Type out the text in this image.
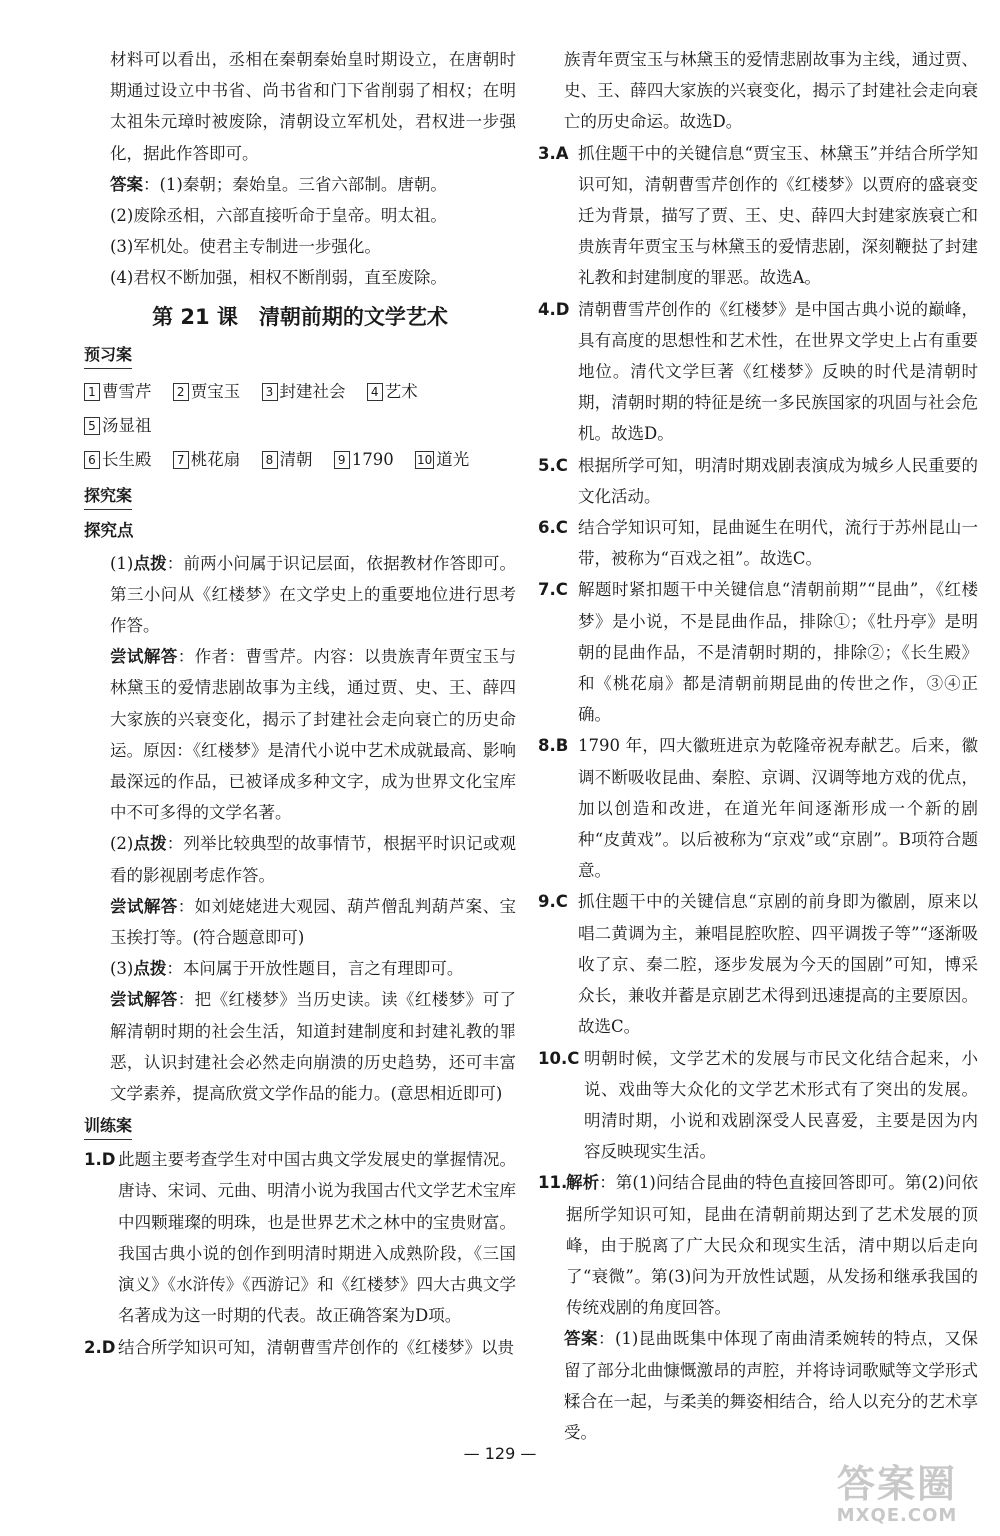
材料可以看出，丞相在秦朝秦始皇时期设立，在唐朝时期通过设立中书省、尚书省和门下省削弱了相权；在明太祖朱元璋时被废除，清朝设立军机处，君权进一步强化，据此作答即可。

答案：(1)秦朝；秦始皇。三省六部制。唐朝。

(2)废除丞相，六部直接听命于皇帝。明太祖。

(3)军机处。使君主专制进一步强化。

(4)君权不断加强，相权不断削弱，直至废除。

第 21 课　清朝前期的文学艺术
预习案
1 曹雪芹 2 贾宝玉 3 封建社会 4 艺术 5 汤显祖
6 长生殿 7 桃花扇 8 清朝 9 1790 10 道光
探究案
探究点

(1)点拨：前两小问属于识记层面，依据教材作答即可。第三小问从《红楼梦》在文学史上的重要地位进行思考作答。

尝试解答：作者：曹雪芹。内容：以贵族青年贾宝玉与林黛玉的爱情悲剧故事为主线，通过贾、史、王、薛四大家族的兴衰变化，揭示了封建社会走向衰亡的历史命运。原因：《红楼梦》是清代小说中艺术成就最高、影响最深远的作品，已被译成多种文字，成为世界文化宝库中不可多得的文学名著。

(2)点拨：列举比较典型的故事情节，根据平时识记或观看的影视剧考虑作答。

尝试解答：如刘姥姥进大观园、葫芦僧乱判葫芦案、宝玉挨打等。(符合题意即可)

(3)点拨：本问属于开放性题目，言之有理即可。

尝试解答：把《红楼梦》当历史读。读《红楼梦》可了解清朝时期的社会生活，知道封建制度和封建礼教的罪恶，认识封建社会必然走向崩溃的历史趋势，还可丰富文学素养，提高欣赏文学作品的能力。(意思相近即可)

训练案
1.D 此题主要考查学生对中国古典文学发展史的掌握情况。唐诗、宋词、元曲、明清小说为我国古代文学艺术宝库中四颗璀璨的明珠，也是世界艺术之林中的宝贵财富。我国古典小说的创作到明清时期进入成熟阶段，《三国演义》《水浒传》《西游记》和《红楼梦》四大古典文学名著成为这一时期的代表。故正确答案为D项。
2.D 结合所学知识可知，清朝曹雪芹创作的《红楼梦》以贵

族青年贾宝玉与林黛玉的爱情悲剧故事为主线，通过贾、史、王、薛四大家族的兴衰变化，揭示了封建社会走向衰亡的历史命运。故选D。

3.A 抓住题干中的关键信息“贾宝玉、林黛玉”并结合所学知识可知，清朝曹雪芹创作的《红楼梦》以贾府的盛衰变迁为背景，描写了贾、王、史、薛四大封建家族衰亡和贵族青年贾宝玉与林黛玉的爱情悲剧，深刻鞭挞了封建礼教和封建制度的罪恶。故选A。
4.D 清朝曹雪芹创作的《红楼梦》是中国古典小说的巅峰，具有高度的思想性和艺术性，在世界文学史上占有重要地位。清代文学巨著《红楼梦》反映的时代是清朝时期，清朝时期的特征是统一多民族国家的巩固与社会危机。故选D。
5.C 根据所学可知，明清时期戏剧表演成为城乡人民重要的文化活动。
6.C 结合学知识可知，昆曲诞生在明代，流行于苏州昆山一带，被称为“百戏之祖”。故选C。
7.C 解题时紧扣题干中关键信息“清朝前期”“昆曲”，《红楼梦》是小说，不是昆曲作品，排除①；《牡丹亭》是明朝的昆曲作品，不是清朝时期的，排除②；《长生殿》和《桃花扇》都是清朝前期昆曲的传世之作，③④正确。
8.B 1790 年，四大徽班进京为乾隆帝祝寿献艺。后来，徽调不断吸收昆曲、秦腔、京调、汉调等地方戏的优点，加以创造和改进，在道光年间逐渐形成一个新的剧种“皮黄戏”。以后被称为“京戏”或“京剧”。B项符合题意。
9.C 抓住题干中的关键信息“京剧的前身即为徽剧，原来以唱二黄调为主，兼唱昆腔吹腔、四平调拨子等”“逐渐吸收了京、秦二腔，逐步发展为今天的国剧”可知，博采众长，兼收并蓄是京剧艺术得到迅速提高的主要原因。故选C。
10.C 明朝时候，文学艺术的发展与市民文化结合起来，小说、戏曲等大众化的文学艺术形式有了突出的发展。明清时期，小说和戏剧深受人民喜爱，主要是因为内容反映现实生活。
11.
解析：第(1)问结合昆曲的特色直接回答即可。第(2)问依据所学知识可知，昆曲在清朝前期达到了艺术发展的顶峰，由于脱离了广大民众和现实生活，清中期以后走向了“衰微”。第(3)问为开放性试题，从发扬和继承我国的传统戏剧的角度回答。

答案：(1)昆曲既集中体现了南曲清柔婉转的特点，又保留了部分北曲慷慨激昂的声腔，并将诗词歌赋等文学形式糅合在一起，与柔美的舞姿相结合，给人以充分的艺术享受。

— 129 —
答案圈
MXQE.COM
